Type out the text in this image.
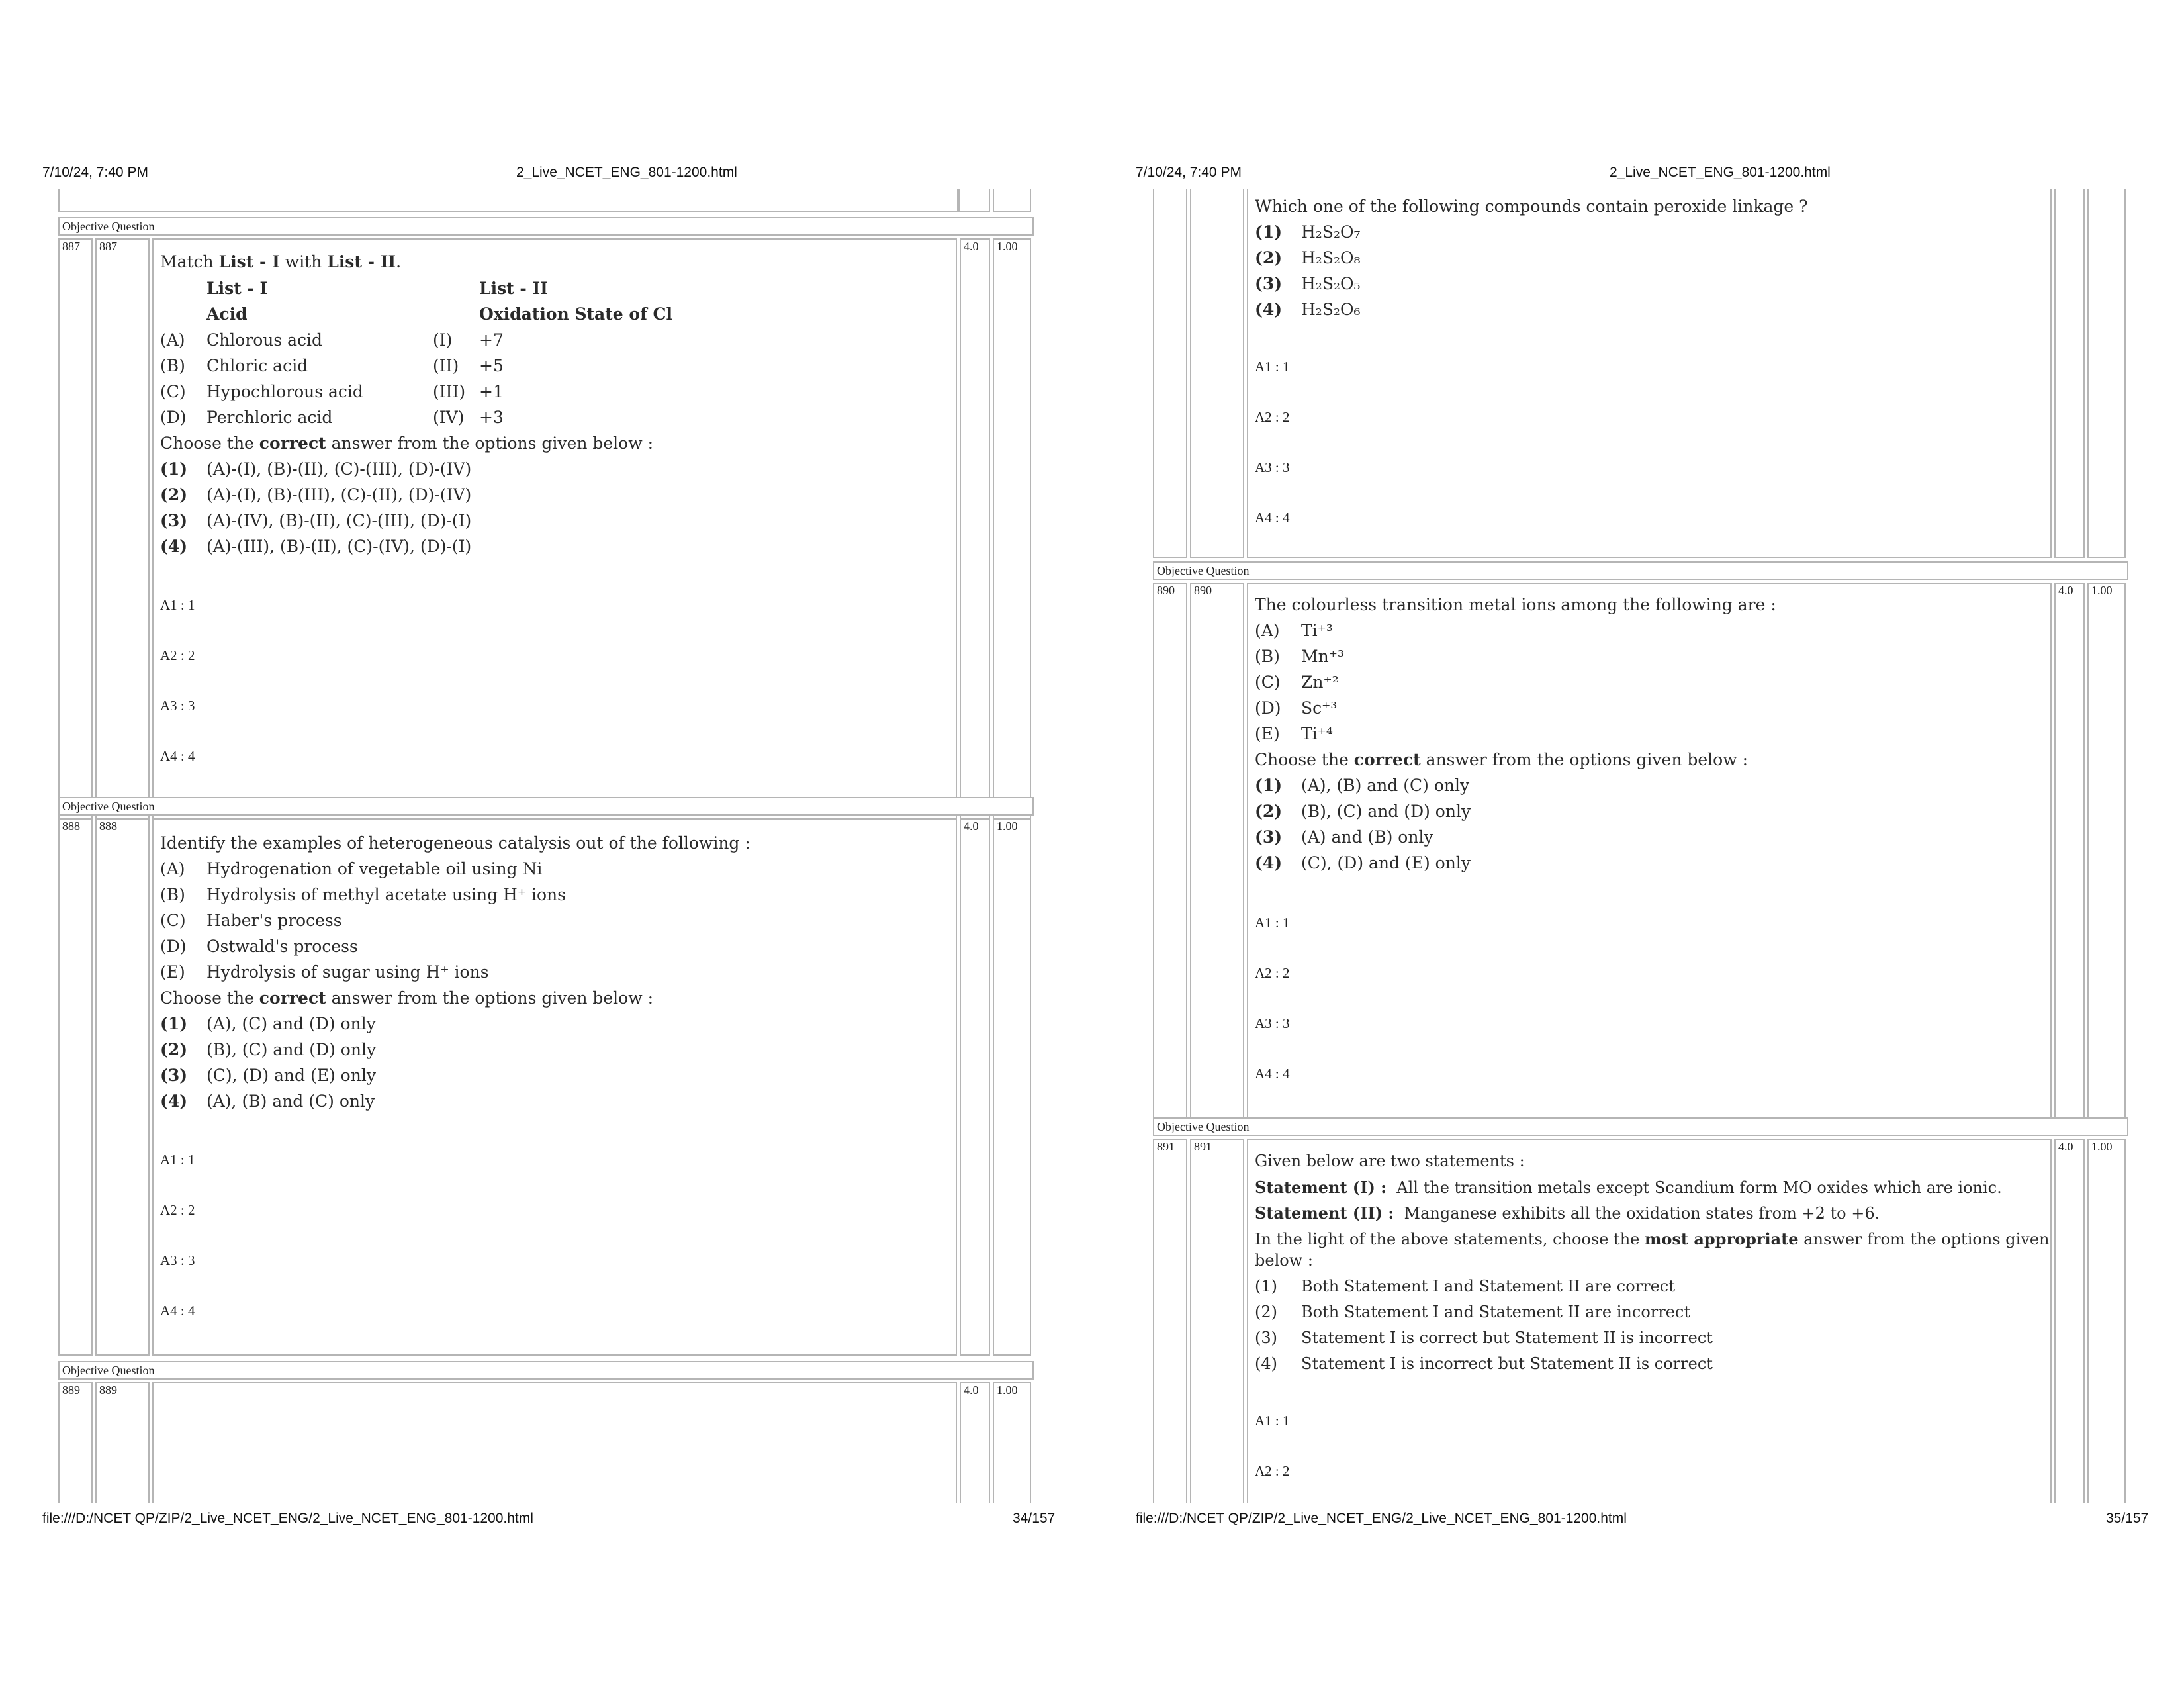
7/10/24, 7:40 PM	2_Live_NCET_ENG_801-1200.html
Objective Question
887 887	4.0 1.00
Match List - I with List - II.
List - I	List - II
Acid	Oxidation State of Cl
(A) Chlorous acid	(I) +7
(B) Chloric acid	(II) +5
(C) Hypochlorous acid	(III) +1
(D) Perchloric acid	(IV) +3
Choose the correct answer from the options given below :
(1) (A)-(I), (B)-(II), (C)-(III), (D)-(IV)
(2) (A)-(I), (B)-(III), (C)-(II), (D)-(IV)
(3) (A)-(IV), (B)-(II), (C)-(III), (D)-(I)
(4) (A)-(III), (B)-(II), (C)-(IV), (D)-(I)
A1 : 1
A2 : 2
A3 : 3
A4 : 4
Objective Question
888 888	4.0 1.00
Identify the examples of heterogeneous catalysis out of the following :
(A) Hydrogenation of vegetable oil using Ni
(B) Hydrolysis of methyl acetate using H⁺ ions
(C) Haber's process
(D) Ostwald's process
(E) Hydrolysis of sugar using H⁺ ions
Choose the correct answer from the options given below :
(1) (A), (C) and (D) only
(2) (B), (C) and (D) only
(3) (C), (D) and (E) only
(4) (A), (B) and (C) only
A1 : 1
A2 : 2
A3 : 3
A4 : 4
Objective Question
889 889	4.0 1.00
file:///D:/NCET QP/ZIP/2_Live_NCET_ENG/2_Live_NCET_ENG_801-1200.html	34/157
7/10/24, 7:40 PM	2_Live_NCET_ENG_801-1200.html
Which one of the following compounds contain peroxide linkage ?
(1) H₂S₂O₇
(2) H₂S₂O₈
(3) H₂S₂O₅
(4) H₂S₂O₆
A1 : 1
A2 : 2
A3 : 3
A4 : 4
Objective Question
890 890	4.0 1.00
The colourless transition metal ions among the following are :
(A) Ti⁺³
(B) Mn⁺³
(C) Zn⁺²
(D) Sc⁺³
(E) Ti⁺⁴
Choose the correct answer from the options given below :
(1) (A), (B) and (C) only
(2) (B), (C) and (D) only
(3) (A) and (B) only
(4) (C), (D) and (E) only
A1 : 1
A2 : 2
A3 : 3
A4 : 4
Objective Question
891 891	4.0 1.00
Given below are two statements :
Statement (I) : All the transition metals except Scandium form MO oxides which are ionic.
Statement (II) : Manganese exhibits all the oxidation states from +2 to +6.
In the light of the above statements, choose the most appropriate answer from the options given
below :
(1) Both Statement I and Statement II are correct
(2) Both Statement I and Statement II are incorrect
(3) Statement I is correct but Statement II is incorrect
(4) Statement I is incorrect but Statement II is correct
A1 : 1
A2 : 2
file:///D:/NCET QP/ZIP/2_Live_NCET_ENG/2_Live_NCET_ENG_801-1200.html	35/157
